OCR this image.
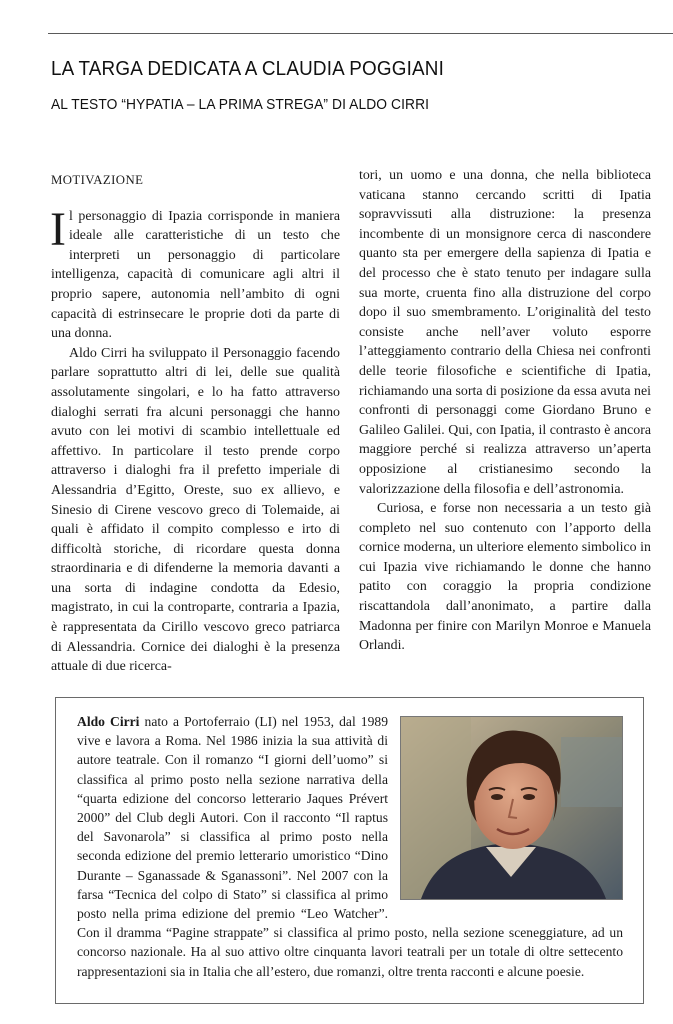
LA TARGA DEDICATA A CLAUDIA POGGIANI
AL TESTO “HYPATIA – LA PRIMA STREGA” DI ALDO CIRRI

MOTIVAZIONE

Il personaggio di Ipazia corrisponde in maniera ideale alle caratteristiche di un testo che interpreti un personaggio di particolare intelligenza, capacità di comunicare agli altri il proprio sapere, autonomia nell’ambito di ogni capacità di estrinsecare le proprie doti da parte di una donna.

Aldo Cirri ha sviluppato il Personaggio facendo parlare soprattutto altri di lei, delle sue qualità assolutamente singolari, e lo ha fatto attraverso dialoghi serrati fra alcuni personaggi che hanno avuto con lei motivi di scambio intellettuale ed affettivo. In particolare il testo prende corpo attraverso i dialoghi fra il prefetto imperiale di Alessandria d’Egitto, Oreste, suo ex allievo, e Sinesio di Cirene vescovo greco di Tolemaide, ai quali è affidato il compito complesso e irto di difficoltà storiche, di ricordare questa donna straordinaria e di difenderne la memoria davanti a una sorta di indagine condotta da Edesio, magistrato, in cui la controparte, contraria a Ipazia, è rappresentata da Cirillo vescovo greco patriarca di Alessandria. Cornice dei dialoghi è la presenza attuale di due ricerca-

tori, un uomo e una donna, che nella biblioteca vaticana stanno cercando scritti di Ipatia sopravvissuti alla distruzione: la presenza incombente di un monsignore cerca di nascondere quanto sta per emergere della sapienza di Ipatia e del processo che è stato tenuto per indagare sulla sua morte, cruenta fino alla distruzione del corpo dopo il suo smembramento. L’originalità del testo consiste anche nell’aver voluto esporre l’atteggiamento contrario della Chiesa nei confronti delle teorie filosofiche e scientifiche di Ipatia, richiamando una sorta di posizione da essa avuta nei confronti di personaggi come Giordano Bruno e Galileo Galilei. Qui, con Ipatia, il contrasto è ancora maggiore perché si realizza attraverso un’aperta opposizione al cristianesimo secondo la valorizzazione della filosofia e dell’astronomia.

Curiosa, e forse non necessaria a un testo già completo nel suo contenuto con l’apporto della cornice moderna, un ulteriore elemento simbolico in cui Ipazia vive richiamando le donne che hanno patito con coraggio la propria condizione riscattandola dall’anonimato, a partire dalla Madonna per finire con Marilyn Monroe e Manuela Orlandi.

Aldo Cirri nato a Portoferraio (LI) nel 1953, dal 1989 vive e lavora a Roma. Nel 1986 inizia la sua attività di autore teatrale. Con il romanzo “I giorni dell’uomo” si classifica al primo posto nella sezione narrativa della “quarta edizione del concorso letterario Jaques Prévert 2000” del Club degli Autori. Con il racconto “Il raptus del Savonarola” si classifica al primo posto nella seconda edizione del premio letterario umoristico “Dino Durante – Sganassade & Sganassoni”. Nel 2007 con la farsa “Tecnica del colpo di Stato” si classifica al primo posto nella prima edizione del premio “Leo Watcher”. Con il dramma “Pagine strappate” si classifica al primo posto, nella sezione sceneggiature, ad un concorso nazionale. Ha al suo attivo oltre cinquanta lavori teatrali per un totale di oltre settecento rappresentazioni sia in Italia che all’estero, due romanzi, oltre trenta racconti e alcune poesie.
